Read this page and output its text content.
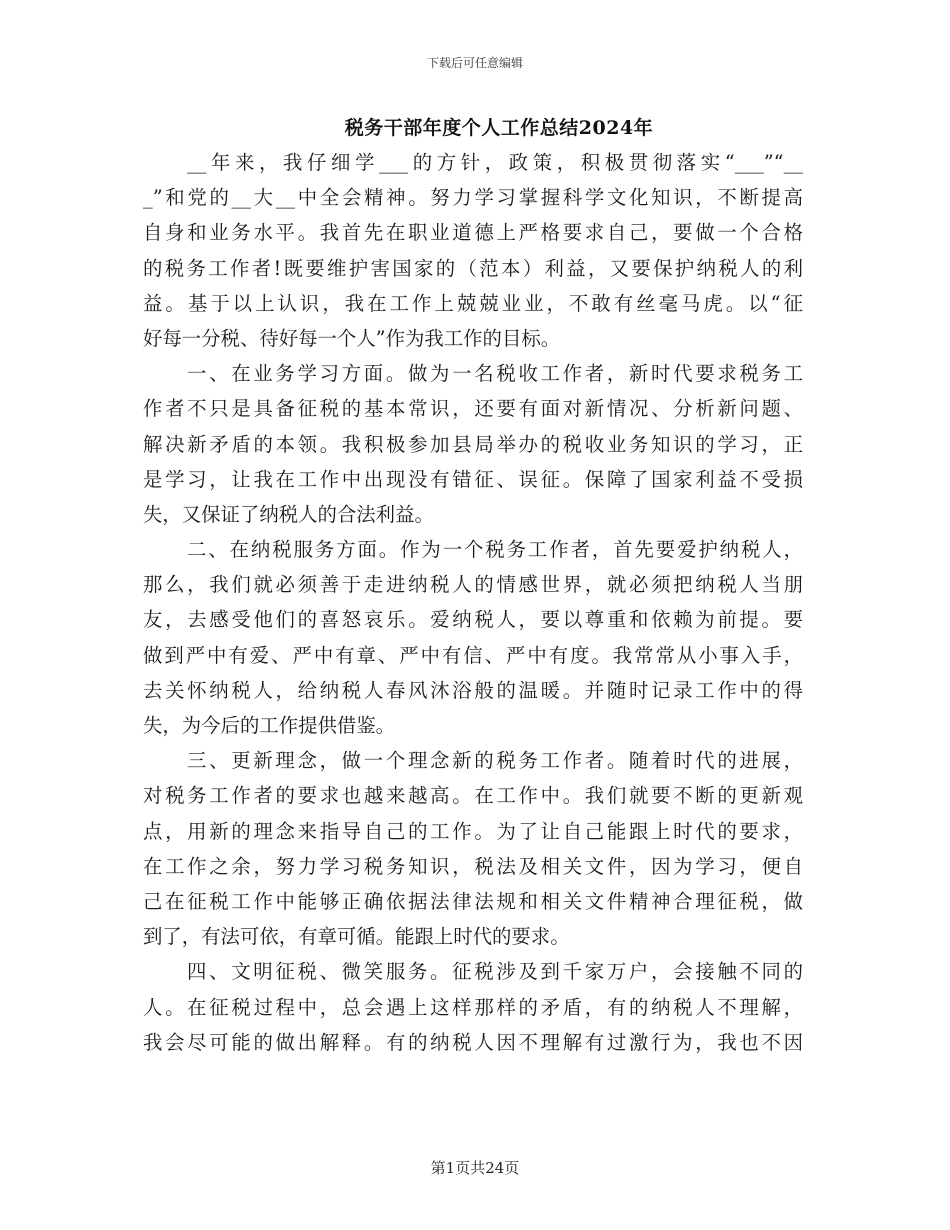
下载后可任意编辑
税务干部年度个人工作总结2024年
__年来，我仔细学___的方针，政策，积极贯彻落实“___”“__
_”和党的__大__中全会精神。努力学习掌握科学文化知识，不断提高
自身和业务水平。我首先在职业道德上严格要求自己，要做一个合格
的税务工作者!既要维护害国家的（范本）利益，又要保护纳税人的利
益。基于以上认识，我在工作上兢兢业业，不敢有丝毫马虎。以“征
好每一分税、待好每一个人”作为我工作的目标。
一、在业务学习方面。做为一名税收工作者，新时代要求税务工
作者不只是具备征税的基本常识，还要有面对新情况、分析新问题、
解决新矛盾的本领。我积极参加县局举办的税收业务知识的学习，正
是学习，让我在工作中出现没有错征、误征。保障了国家利益不受损
失，又保证了纳税人的合法利益。
二、在纳税服务方面。作为一个税务工作者，首先要爱护纳税人，
那么，我们就必须善于走进纳税人的情感世界，就必须把纳税人当朋
友，去感受他们的喜怒哀乐。爱纳税人，要以尊重和依赖为前提。要
做到严中有爱、严中有章、严中有信、严中有度。我常常从小事入手，
去关怀纳税人，给纳税人春风沐浴般的温暖。并随时记录工作中的得
失，为今后的工作提供借鉴。
三、更新理念，做一个理念新的税务工作者。随着时代的进展，
对税务工作者的要求也越来越高。在工作中。我们就要不断的更新观
点，用新的理念来指导自己的工作。为了让自己能跟上时代的要求，
在工作之余，努力学习税务知识，税法及相关文件，因为学习，便自
己在征税工作中能够正确依据法律法规和相关文件精神合理征税，做
到了，有法可依，有章可循。能跟上时代的要求。
四、文明征税、微笑服务。征税涉及到千家万户，会接触不同的
人。在征税过程中，总会遇上这样那样的矛盾，有的纳税人不理解，
我会尽可能的做出解释。有的纳税人因不理解有过激行为，我也不因
第1页共24页
